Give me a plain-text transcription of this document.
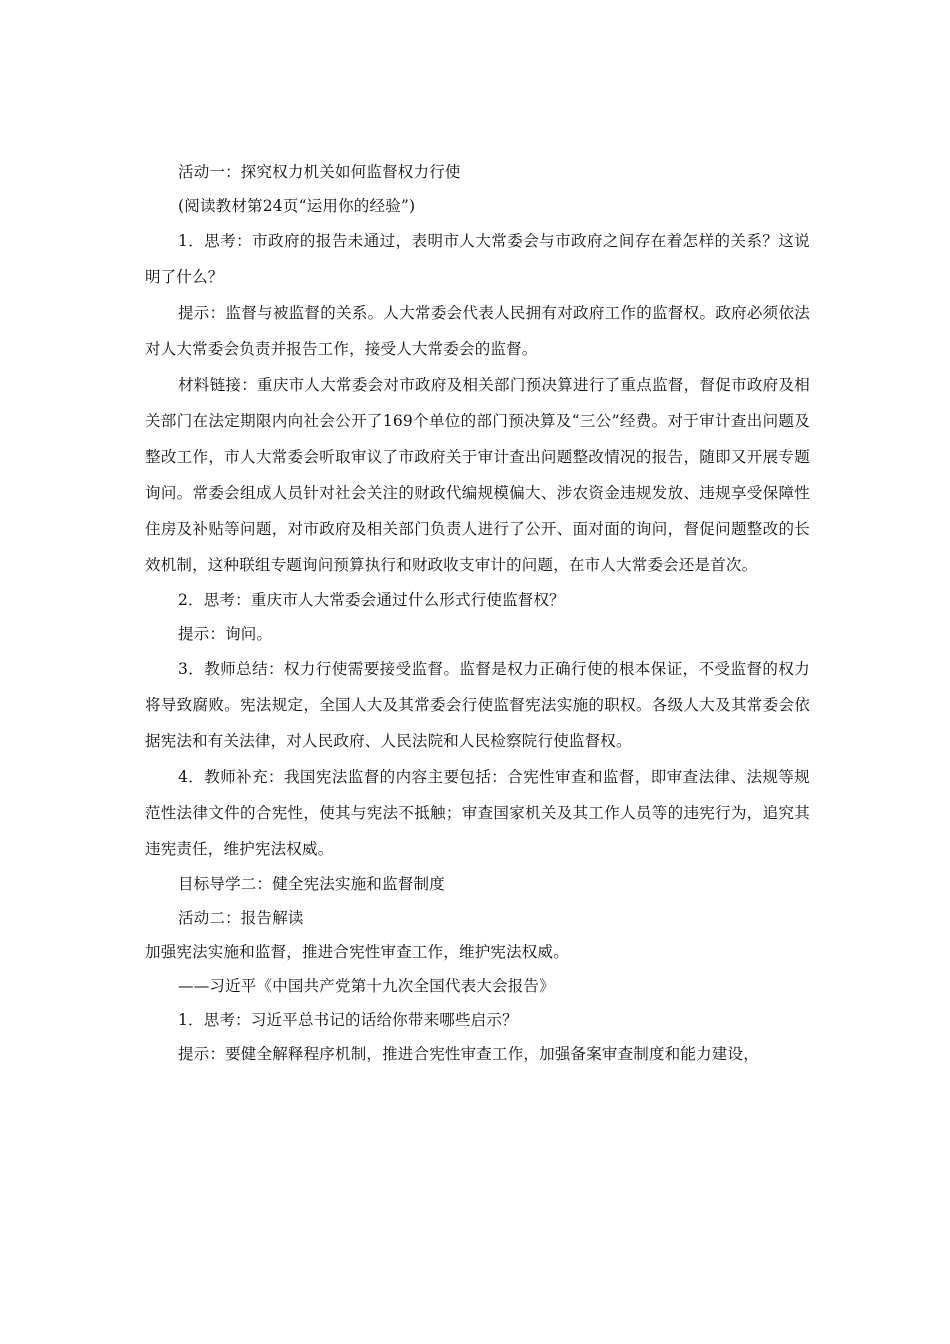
活动一：探究权力机关如何监督权力行使

(阅读教材第24页“运用你的经验”)

1．思考：市政府的报告未通过，表明市人大常委会与市政府之间存在着怎样的关系？这说明了什么？

提示：监督与被监督的关系。人大常委会代表人民拥有对政府工作的监督权。政府必须依法对人大常委会负责并报告工作，接受人大常委会的监督。

材料链接：重庆市人大常委会对市政府及相关部门预决算进行了重点监督，督促市政府及相关部门在法定期限内向社会公开了169个单位的部门预决算及“三公”经费。对于审计查出问题及整改工作，市人大常委会听取审议了市政府关于审计查出问题整改情况的报告，随即又开展专题询问。常委会组成人员针对社会关注的财政代编规模偏大、涉农资金违规发放、违规享受保障性住房及补贴等问题，对市政府及相关部门负责人进行了公开、面对面的询问，督促问题整改的长效机制，这种联组专题询问预算执行和财政收支审计的问题，在市人大常委会还是首次。

2．思考：重庆市人大常委会通过什么形式行使监督权？

提示：询问。

3．教师总结：权力行使需要接受监督。监督是权力正确行使的根本保证，不受监督的权力将导致腐败。宪法规定，全国人大及其常委会行使监督宪法实施的职权。各级人大及其常委会依据宪法和有关法律，对人民政府、人民法院和人民检察院行使监督权。

4．教师补充：我国宪法监督的内容主要包括：合宪性审查和监督，即审查法律、法规等规范性法律文件的合宪性，使其与宪法不抵触；审查国家机关及其工作人员等的违宪行为，追究其违宪责任，维护宪法权威。

目标导学二：健全宪法实施和监督制度

活动二：报告解读

加强宪法实施和监督，推进合宪性审查工作，维护宪法权威。

——习近平《中国共产党第十九次全国代表大会报告》

1．思考：习近平总书记的话给你带来哪些启示？

提示：要健全解释程序机制，推进合宪性审查工作，加强备案审查制度和能力建设，
